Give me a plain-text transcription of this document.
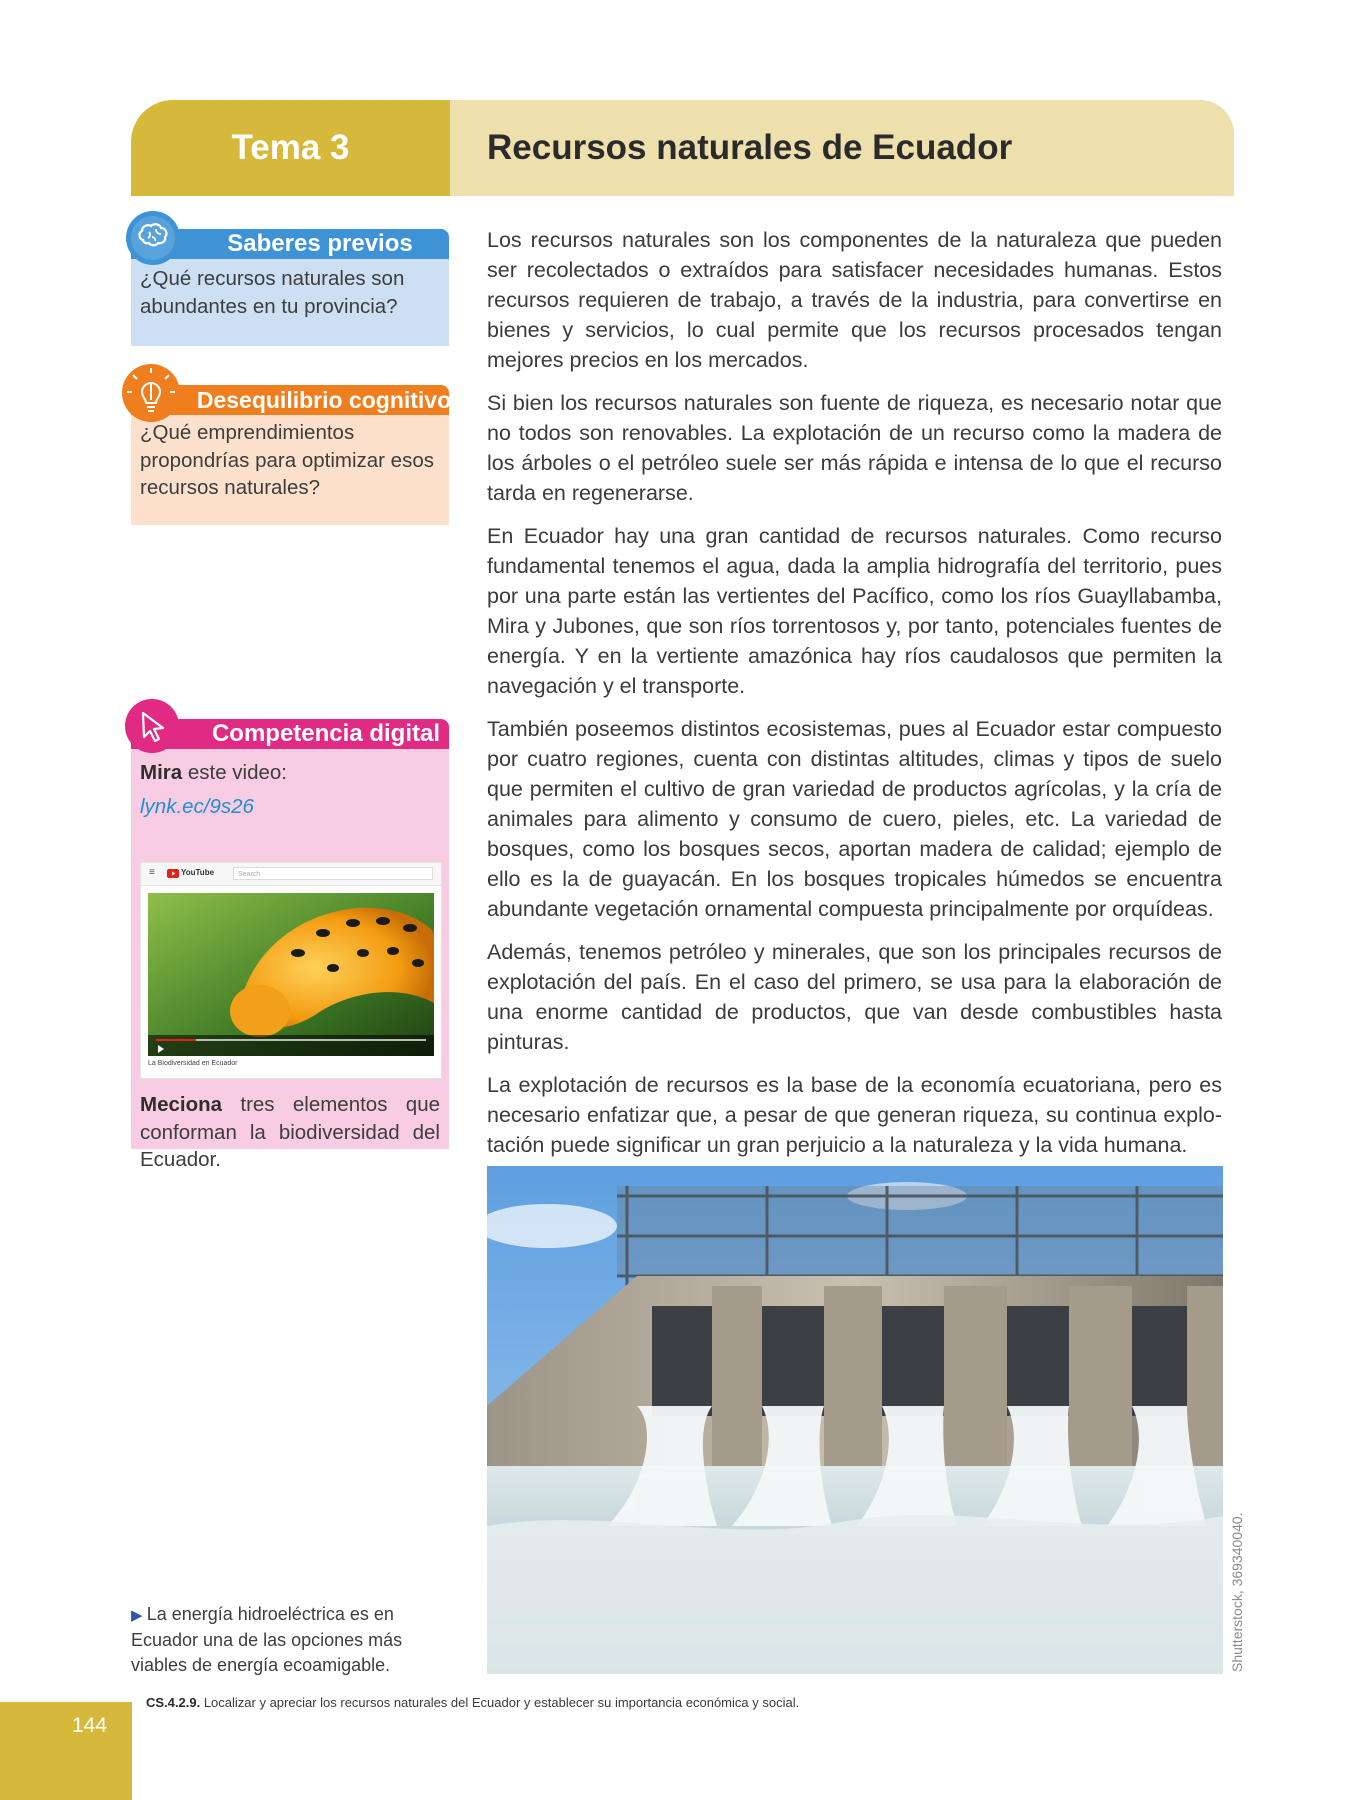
Tema 3	Recursos naturales de Ecuador
Saberes previos
¿Qué recursos naturales son abundantes en tu provincia?
Desequilibrio cognitivo
¿Qué emprendimientos propondrías para optimizar esos recursos naturales?
Competencia digital
Mira este video:
lynk.ec/9s26
≡	YouTube	Search
La Biodiversidad en Ecuador
Meciona tres elementos que conforman la biodiversidad del Ecuador.

Los recursos naturales son los componentes de la naturaleza que pueden ser recolectados o extraídos para satisfacer necesidades humanas. Estos recursos requieren de trabajo, a través de la industria, para convertirse en bienes y servicios, lo cual permite que los recursos procesados tengan mejores precios en los mercados.

Si bien los recursos naturales son fuente de riqueza, es necesario notar que no todos son renovables. La explotación de un recurso como la madera de los árboles o el petróleo suele ser más rápida e intensa de lo que el recurso tarda en regenerarse.

En Ecuador hay una gran cantidad de recursos naturales. Como recurso fundamental tenemos el agua, dada la amplia hidrografía del territorio, pues por una parte están las vertientes del Pacífico, como los ríos Guayllabamba, Mira y Jubones, que son ríos torrentosos y, por tanto, potenciales fuentes de energía. Y en la vertiente amazónica hay ríos caudalosos que permiten la navegación y el transporte.

También poseemos distintos ecosistemas, pues al Ecuador estar compuesto por cuatro regiones, cuenta con distintas altitudes, climas y tipos de suelo que permiten el cultivo de gran variedad de productos agrícolas, y la cría de animales para alimento y consumo de cuero, pieles, etc. La variedad de bosques, como los bosques secos, aportan madera de calidad; ejemplo de ello es la de guayacán. En los bosques tropicales húmedos se encuentra abundante vegetación ornamental compuesta principalmente por orquídeas.

Además, tenemos petróleo y minerales, que son los principales recursos de explotación del país. En el caso del primero, se usa para la elaboración de una enorme cantidad de productos, que van desde combustibles hasta pinturas.

La explotación de recursos es la base de la economía ecuatoriana, pero es necesario enfatizar que, a pesar de que generan riqueza, su continua explotación puede significar un gran perjuicio a la naturaleza y la vida humana.

Shutterstock, 369340040.
▶ La energía hidroeléctrica es en Ecuador una de las opciones más viables de energía ecoamigable.
144
CS.4.2.9. Localizar y apreciar los recursos naturales del Ecuador y establecer su importancia económica y social.
